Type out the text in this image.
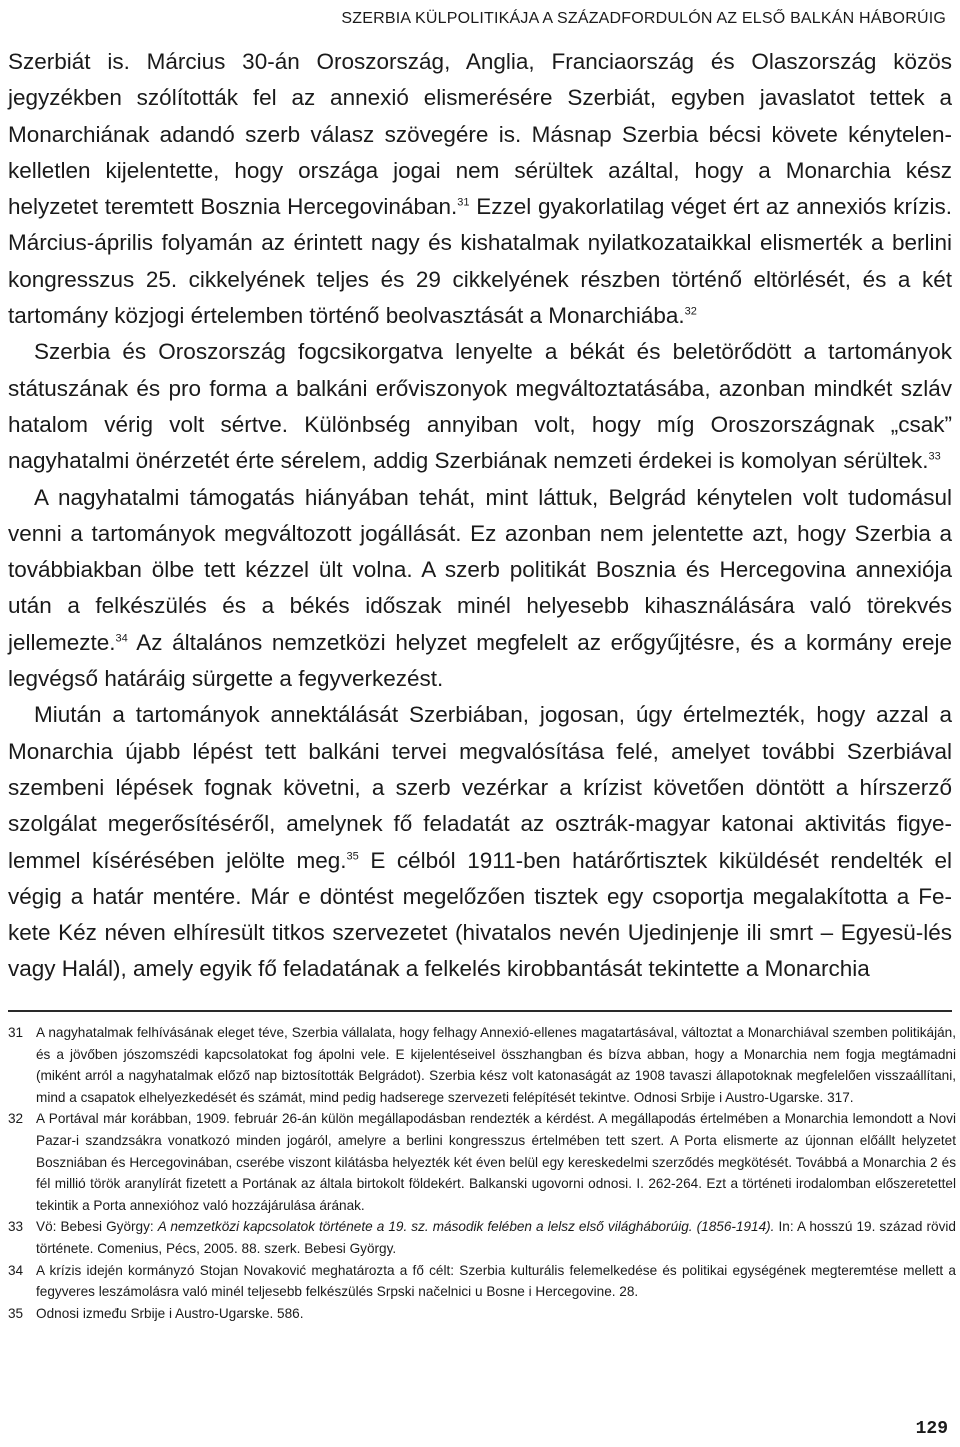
SZERBIA KÜLPOLITIKÁJA A SZÁZADFORDULÓN AZ ELSŐ BALKÁN HÁBORÚIG

Szerbiát is. Március 30-án Oroszország, Anglia, Franciaország és Olaszország közös jegyzékben szólították fel az annexió elismerésére Szerbiát, egyben javaslatot tettek a Monarchiának adandó szerb válasz szövegére is. Másnap Szerbia bécsi követe kénytelen-kelletlen kijelentette, hogy országa jogai nem sérültek azáltal, hogy a Monarchia kész helyzetet teremtett Bosznia Hercegovinában.$^{31}$ Ezzel gyakorlatilag véget ért az annexiós krízis. Március-április folyamán az érintett nagy és kishatalmak nyilatkozataikkal elismerték a berlini kongresszus 25. cikkelyének teljes és 29 cikkelyének részben történő eltörlését, és a két tartomány közjogi értelemben történő beolvasztását a Monarchiába.$^{32}$

Szerbia és Oroszország fogcsikorgatva lenyelte a békát és beletörődött a tartományok státuszának és pro forma a balkáni erőviszonyok megváltoztatásába, azonban mindkét szláv hatalom vérig volt sértve. Különbség annyiban volt, hogy míg Oroszországnak „csak” nagyhatalmi önérzetét érte sérelem, addig Szerbiának nemzeti érdekei is komolyan sérültek.$^{33}$

A nagyhatalmi támogatás hiányában tehát, mint láttuk, Belgrád kénytelen volt tudomásul venni a tartományok megváltozott jogállását. Ez azonban nem jelentette azt, hogy Szerbia a továbbiakban ölbe tett kézzel ült volna. A szerb politikát Bosznia és Hercegovina annexiója után a felkészülés és a békés időszak minél helyesebb kihasználására való törekvés jellemezte.$^{34}$ Az általános nemzetközi helyzet megfelelt az erőgyűjtésre, és a kormány ereje legvégső határáig sürgette a fegyverkezést.

Miután a tartományok annektálását Szerbiában, jogosan, úgy értelmezték, hogy azzal a Monarchia újabb lépést tett balkáni tervei megvalósítása felé, amelyet további Szerbiával szembeni lépések fognak követni, a szerb vezérkar a krízist követően döntött a hírszerző szolgálat megerősítéséről, amelynek fő feladatát az osztrák-magyar katonai aktivitás figye-lemmel kísérésében jelölte meg.$^{35}$ E célból 1911-ben határőrtisztek kiküldését rendelték el végig a határ mentére. Már e döntést megelőzően tisztek egy csoportja megalakította a Fe-kete Kéz néven elhíresült titkos szervezetet (hivatalos nevén Ujedinjenje ili smrt – Egyesü-lés vagy Halál), amely egyik fő feladatának a felkelés kirobbantását tekintette a Monarchia

31 A nagyhatalmak felhívásának eleget téve, Szerbia vállalata, hogy felhagy Annexió-ellenes magatartásával, változtat a Monarchiával szemben politikáján, és a jövőben jószomszédi kapcsolatokat fog ápolni vele. E kijelentéseivel összhangban és bízva abban, hogy a Monarchia nem fogja megtámadni (miként arról a nagyhatalmak előző nap biztosították Belgrádot). Szerbia kész volt katonaságát az 1908 tavaszi állapotoknak megfelelően visszaállítani, mind a csapatok elhelyezkedését és számát, mind pedig hadserege szervezeti felépítését tekintve. Odnosi Srbije i Austro-Ugarske. 317.
32 A Portával már korábban, 1909. február 26-án külön megállapodásban rendezték a kérdést. A megállapodás értelmében a Monarchia lemondott a Novi Pazar-i szandzsákra vonatkozó minden jogáról, amelyre a berlini kongresszus értelmében tett szert. A Porta elismerte az újonnan előállt helyzetet Boszniában és Hercegovinában, cserébe viszont kilátásba helyezték két éven belül egy kereskedelmi szerződés megkötését. Továbbá a Monarchia 2 és fél millió török aranylírát fizetett a Portának az általa birtokolt földekért. Balkanski ugovorni odnosi. I. 262-264. Ezt a történeti irodalomban előszeretettel tekintik a Porta annexióhoz való hozzájárulása árának.
33 Vö: Bebesi György: A nemzetközi kapcsolatok története a 19. sz. második felében a lelsz első világháborúig. (1856-1914). In: A hosszú 19. század rövid története. Comenius, Pécs, 2005. 88. szerk. Bebesi György.
34 A krízis idején kormányzó Stojan Novaković meghatározta a fő célt: Szerbia kulturális felemelkedése és politikai egységének megteremtése mellett a fegyveres leszámolásra való minél teljesebb felkészülés Srpski načelnici u Bosne i Hercegovine. 28.
35 Odnosi između Srbije i Austro-Ugarske. 586.
129
